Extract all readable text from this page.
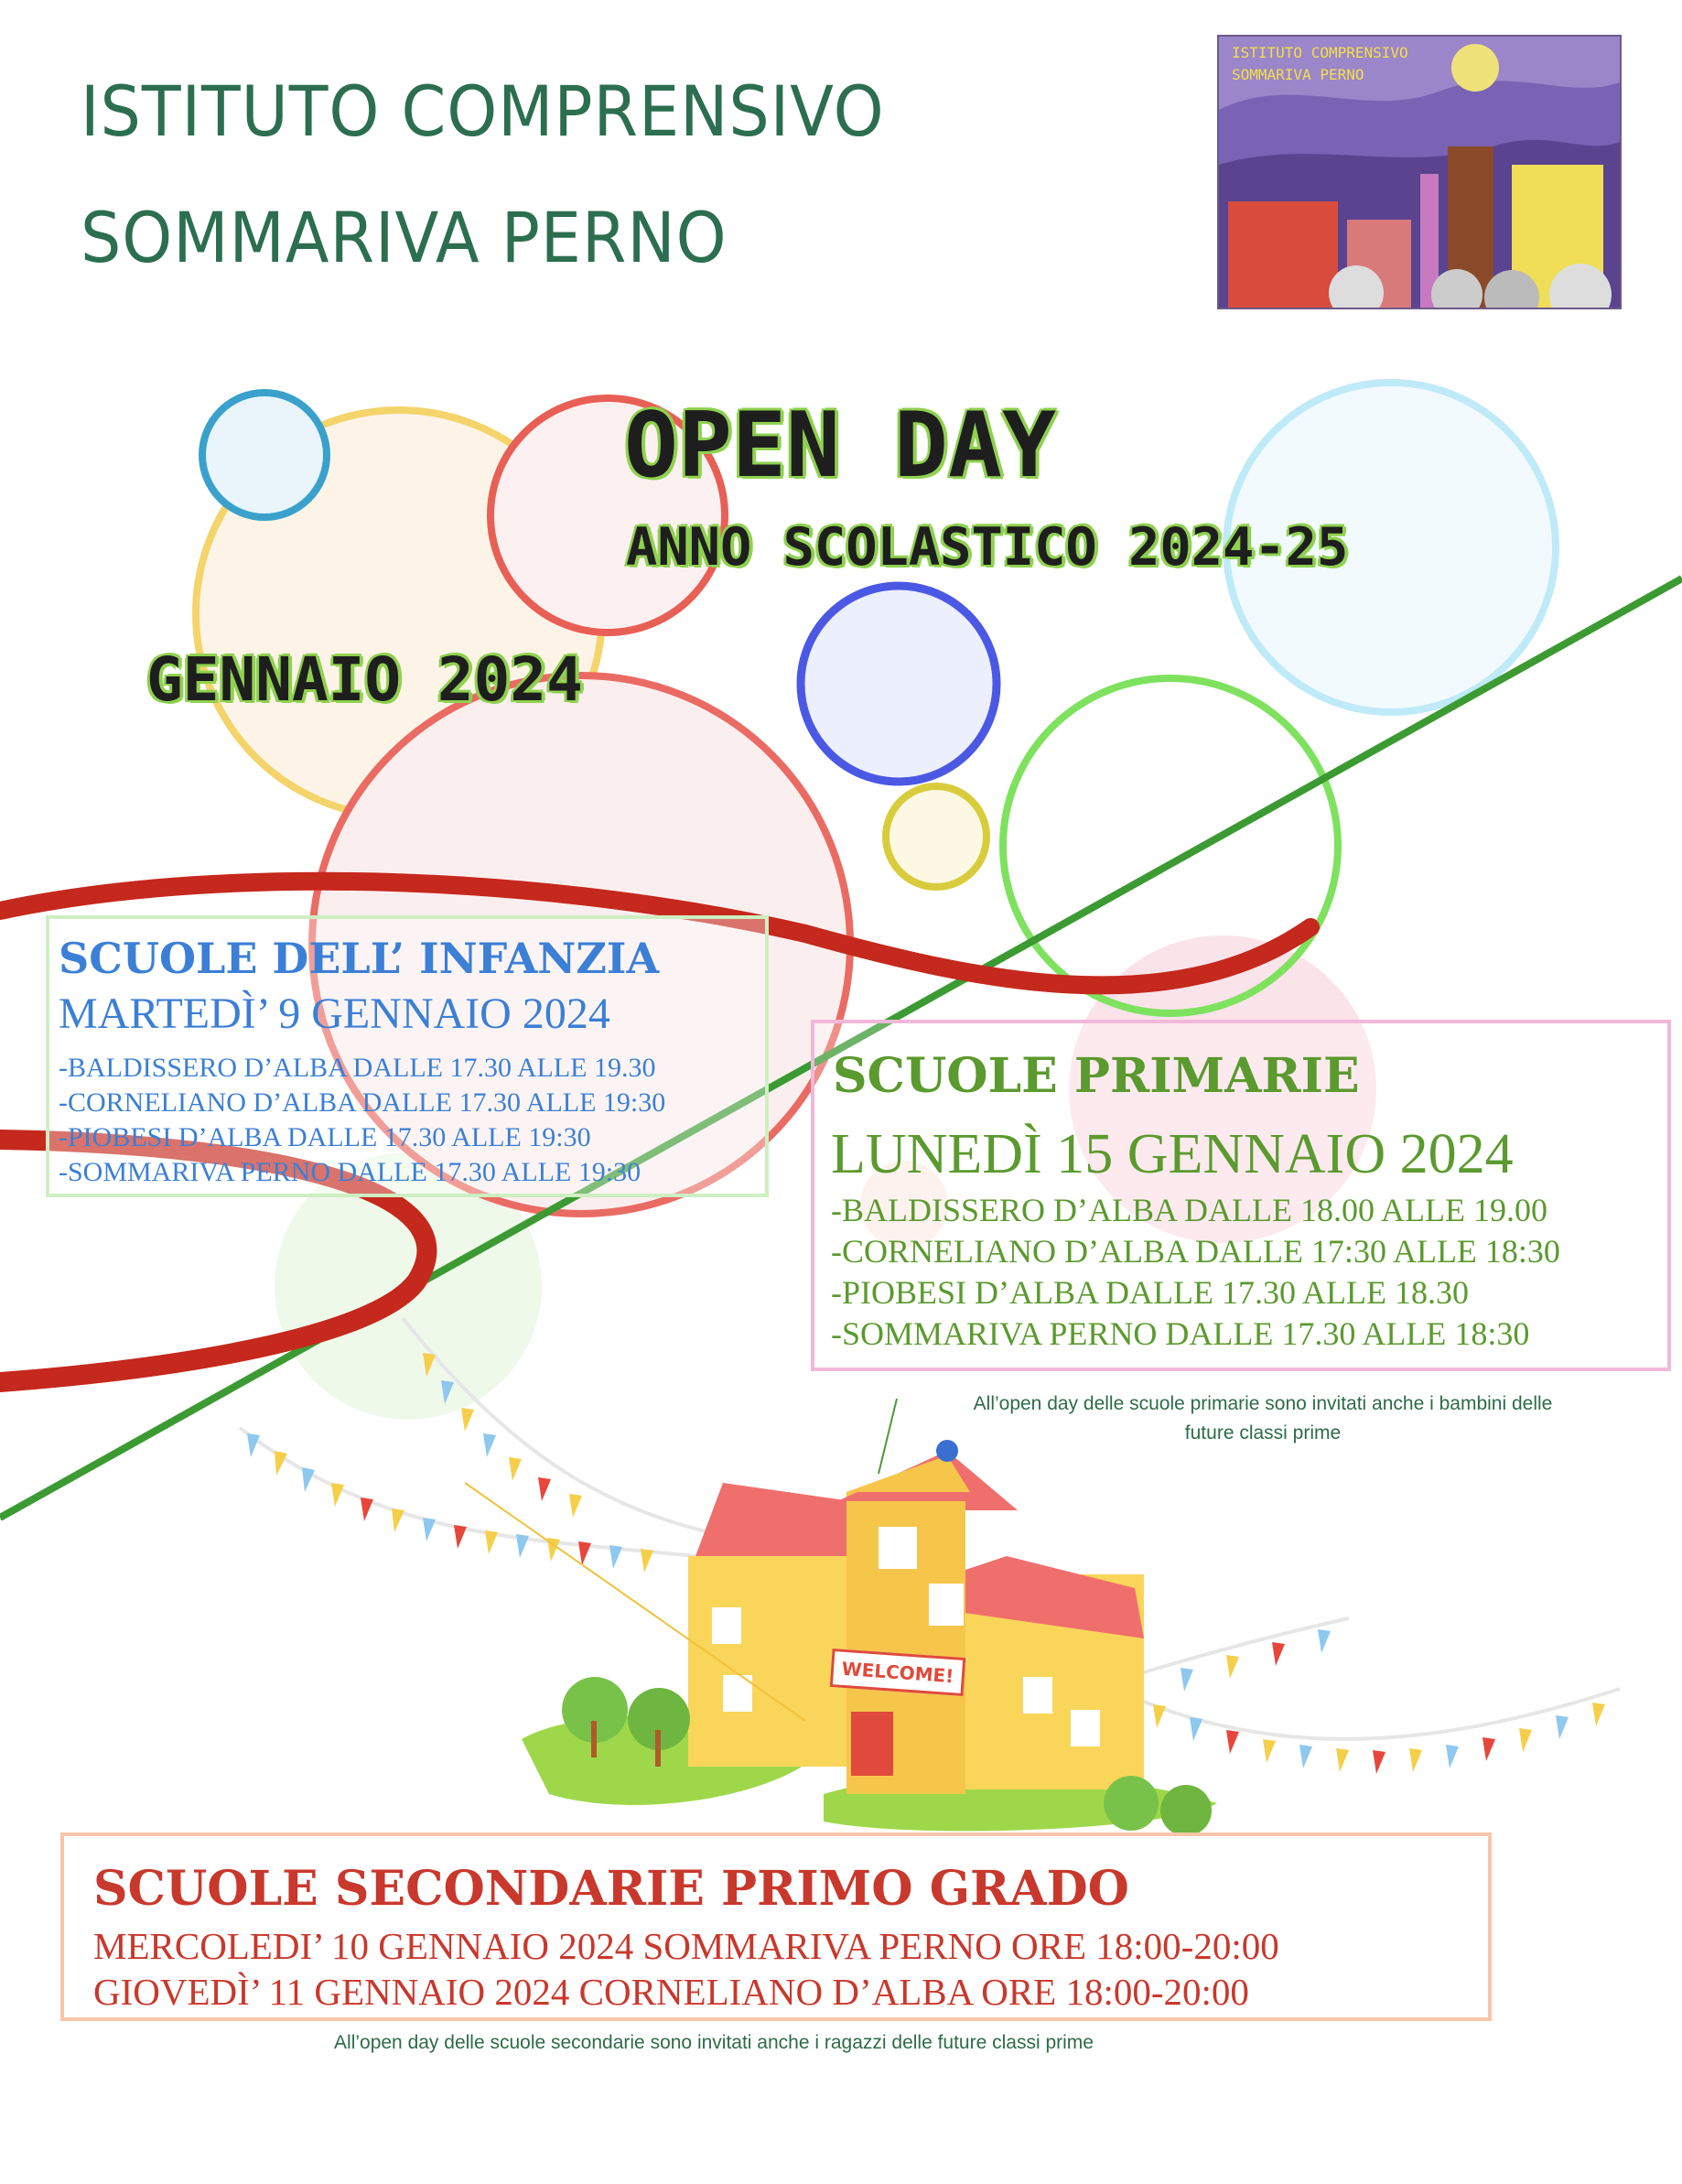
ISTITUTO COMPRENSIVO
SOMMARIVA PERNO
ISTITUTO COMPRENSIVO
SOMMARIVA PERNO
OPEN DAY
ANNO SCOLASTICO 2024-25
GENNAIO 2024
SCUOLE DELL’ INFANZIA
MARTEDÌ’ 9 GENNAIO 2024
-BALDISSERO D’ALBA DALLE 17.30 ALLE 19.30
-CORNELIANO D’ALBA DALLE 17.30 ALLE 19:30
-PIOBESI D’ALBA DALLE 17.30 ALLE 19:30
-SOMMARIVA PERNO DALLE 17.30 ALLE 19:30
SCUOLE PRIMARIE
LUNEDÌ 15 GENNAIO 2024
-BALDISSERO D’ALBA DALLE 18.00 ALLE 19.00
-CORNELIANO D’ALBA DALLE 17:30 ALLE 18:30
-PIOBESI D’ALBA DALLE 17.30 ALLE 18.30
-SOMMARIVA PERNO DALLE 17.30 ALLE 18:30
All’open day delle scuole primarie sono invitati anche i bambini delle
future classi prime
WELCOME!
SCUOLE SECONDARIE PRIMO GRADO
MERCOLEDI’ 10 GENNAIO 2024 SOMMARIVA PERNO ORE 18:00-20:00
GIOVEDÌ’ 11 GENNAIO 2024 CORNELIANO D’ALBA ORE 18:00-20:00
All’open day delle scuole secondarie sono invitati anche i ragazzi delle future classi prime
